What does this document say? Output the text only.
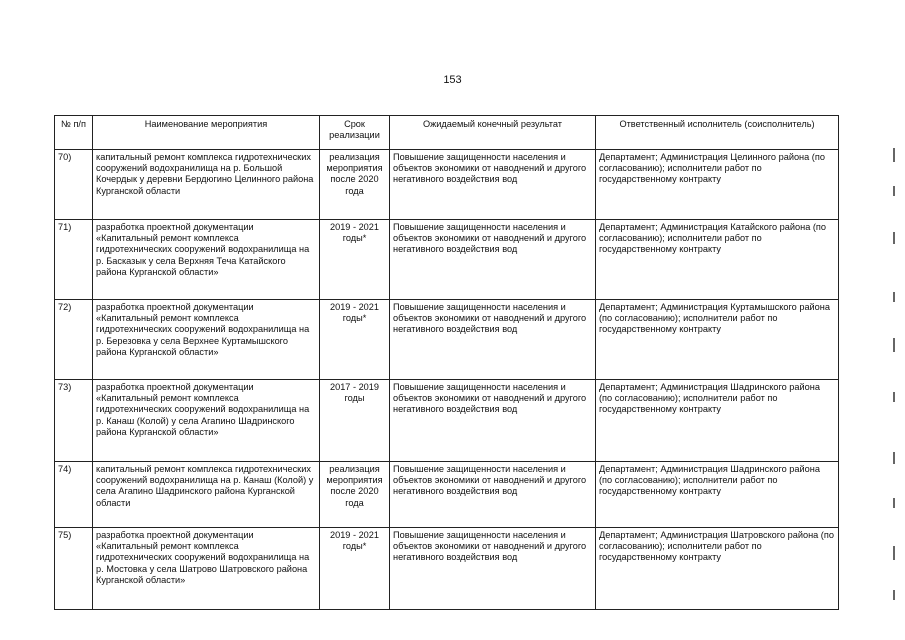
153
№ п/п	Наименование мероприятия	Срок реализации	Ожидаемый конечный результат	Ответственный исполнитель (соисполнитель)
70)	капитальный ремонт комплекса гидротехнических сооружений водохранилища на р. Большой Кочердык у деревни Бердюгино Целинного района Курганской области	реализация мероприятия после 2020 года	Повышение защищенности населения и объектов экономики от наводнений и другого негативного воздействия вод	Департамент; Администрация Целинного района (по согласованию); исполнители работ по государственному контракту
71)	разработка проектной документации «Капитальный ремонт комплекса гидротехнических сооружений водохранилища на р. Басказык у села Верхняя Теча Катайского района Курганской области»	2019 - 2021 годы*	Повышение защищенности населения и объектов экономики от наводнений и другого негативного воздействия вод	Департамент; Администрация Катайского района (по согласованию); исполнители работ по государственному контракту
72)	разработка проектной документации «Капитальный ремонт комплекса гидротехнических сооружений водохранилища на р. Березовка у села Верхнее Куртамышского района Курганской области»	2019 - 2021 годы*	Повышение защищенности населения и объектов экономики от наводнений и другого негативного воздействия вод	Департамент; Администрация Куртамышского района (по согласованию); исполнители работ по государственному контракту
73)	разработка проектной документации «Капитальный ремонт комплекса гидротехнических сооружений водохранилища на р. Канаш (Колой) у села Агапино Шадринского района Курганской области»	2017 - 2019 годы	Повышение защищенности населения и объектов экономики от наводнений и другого негативного воздействия вод	Департамент; Администрация Шадринского района (по согласованию); исполнители работ по государственному контракту
74)	капитальный ремонт комплекса гидротехнических сооружений водохранилища на р. Канаш (Колой) у села Агапино Шадринского района Курганской области	реализация мероприятия после 2020 года	Повышение защищенности населения и объектов экономики от наводнений и другого негативного воздействия вод	Департамент; Администрация Шадринского района (по согласованию); исполнители работ по государственному контракту
75)	разработка проектной документации «Капитальный ремонт комплекса гидротехнических сооружений водохранилища на р. Мостовка у села Шатрово Шатровского района Курганской области»	2019 - 2021 годы*	Повышение защищенности населения и объектов экономики от наводнений и другого негативного воздействия вод	Департамент; Администрация Шатровского района (по согласованию); исполнители работ по государственному контракту
